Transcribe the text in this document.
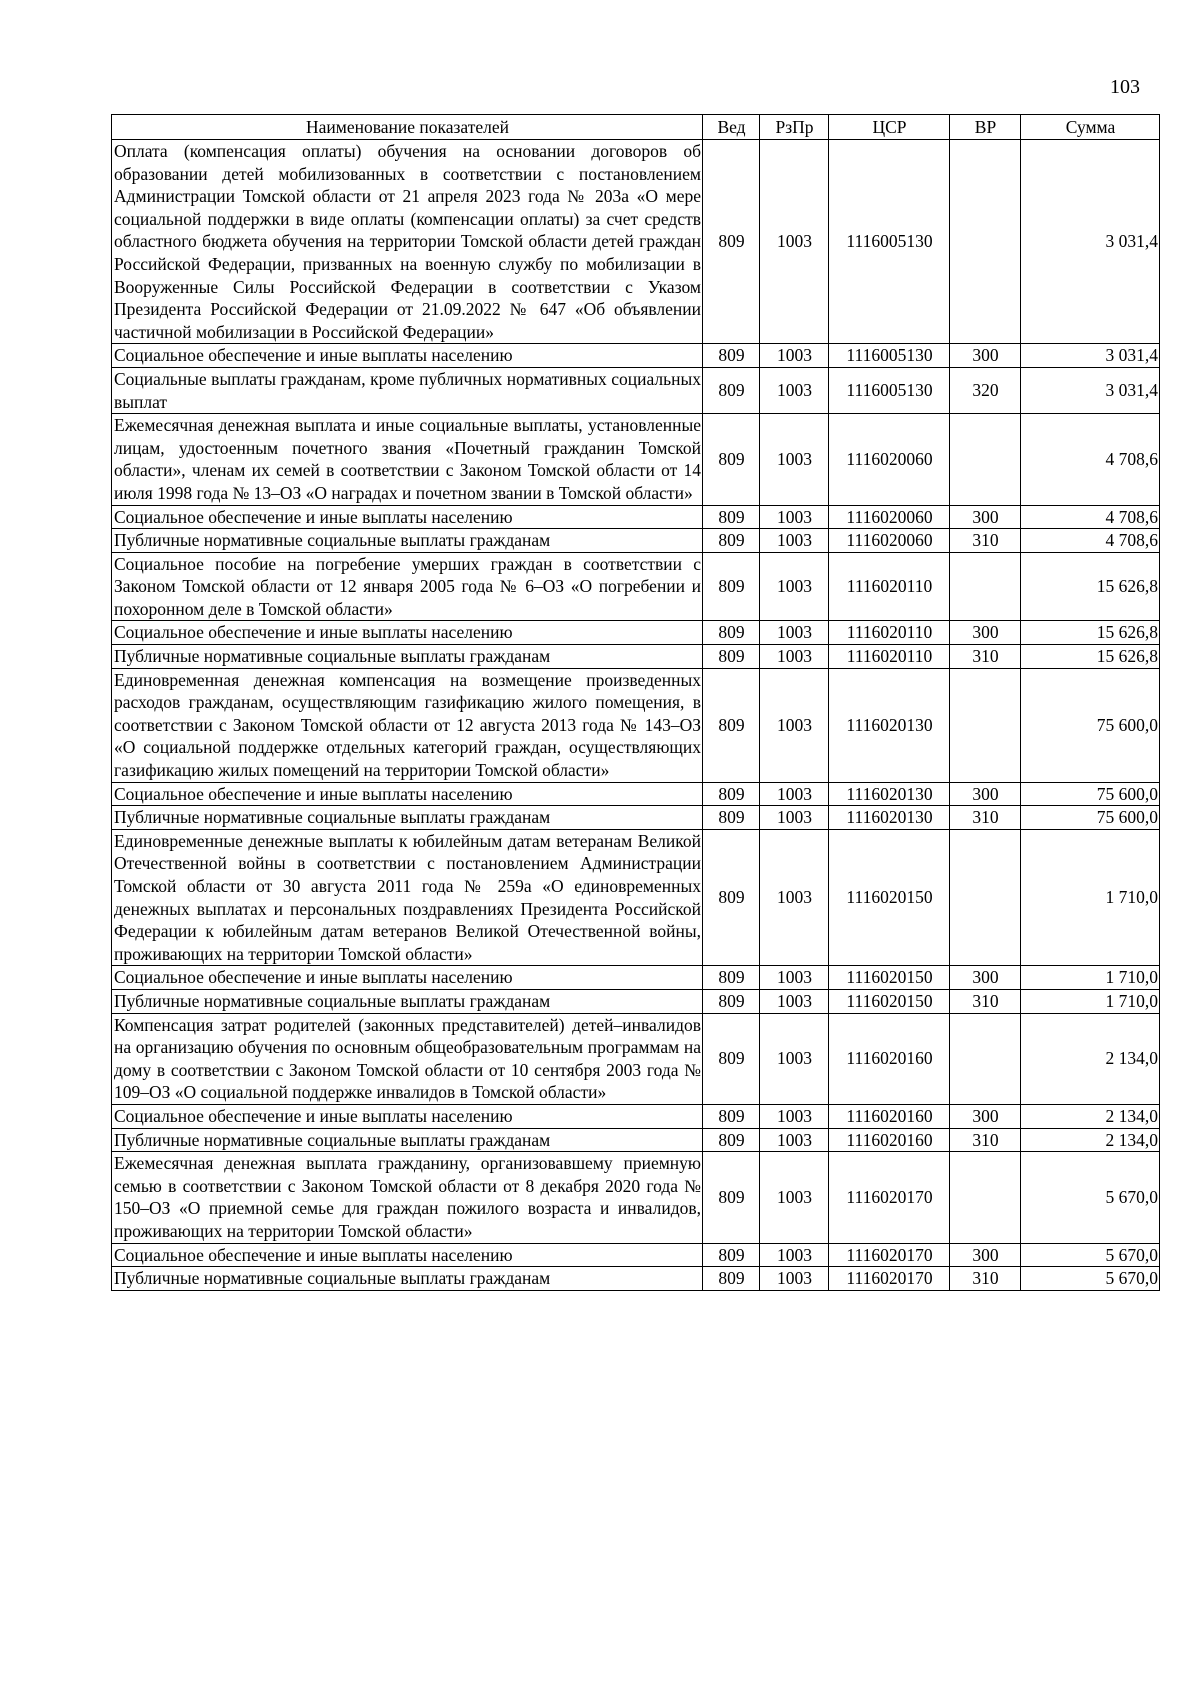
103
Наименование показателей	Вед	РзПр	ЦСР	ВР	Сумма
Оплата (компенсация оплаты) обучения на основании договоров об образовании детей мобилизованных в соответствии с постановлением Администрации Томской области от 21 апреля 2023 года № 203а «О мере социальной поддержки в виде оплаты (компенсации оплаты) за счет средств областного бюджета обучения на территории Томской области детей граждан Российской Федерации, призванных на военную службу по мобилизации в Вооруженные Силы Российской Федерации в соответствии с Указом Президента Российской Федерации от 21.09.2022 № 647 «Об объявлении частичной мобилизации в Российской Федерации»	809	1003	1116005130		3 031,4
Социальное обеспечение и иные выплаты населению	809	1003	1116005130	300	3 031,4
Социальные выплаты гражданам, кроме публичных нормативных социальных выплат	809	1003	1116005130	320	3 031,4
Ежемесячная денежная выплата и иные социальные выплаты, установленные лицам, удостоенным почетного звания «Почетный гражданин Томской области», членам их семей в соответствии с Законом Томской области от 14 июля 1998 года № 13–ОЗ «О наградах и почетном звании в Томской области»	809	1003	1116020060		4 708,6
Социальное обеспечение и иные выплаты населению	809	1003	1116020060	300	4 708,6
Публичные нормативные социальные выплаты гражданам	809	1003	1116020060	310	4 708,6
Социальное пособие на погребение умерших граждан в соответствии с Законом Томской области от 12 января 2005 года № 6–ОЗ «О погребении и похоронном деле в Томской области»	809	1003	1116020110		15 626,8
Социальное обеспечение и иные выплаты населению	809	1003	1116020110	300	15 626,8
Публичные нормативные социальные выплаты гражданам	809	1003	1116020110	310	15 626,8
Единовременная денежная компенсация на возмещение произведенных расходов гражданам, осуществляющим газификацию жилого помещения, в соответствии с Законом Томской области от 12 августа 2013 года № 143–ОЗ «О социальной поддержке отдельных категорий граждан, осуществляющих газификацию жилых помещений на территории Томской области»	809	1003	1116020130		75 600,0
Социальное обеспечение и иные выплаты населению	809	1003	1116020130	300	75 600,0
Публичные нормативные социальные выплаты гражданам	809	1003	1116020130	310	75 600,0
Единовременные денежные выплаты к юбилейным датам ветеранам Великой Отечественной войны в соответствии с постановлением Администрации Томской области от 30 августа 2011 года № 259а «О единовременных денежных выплатах и персональных поздравлениях Президента Российской Федерации к юбилейным датам ветеранов Великой Отечественной войны, проживающих на территории Томской области»	809	1003	1116020150		1 710,0
Социальное обеспечение и иные выплаты населению	809	1003	1116020150	300	1 710,0
Публичные нормативные социальные выплаты гражданам	809	1003	1116020150	310	1 710,0
Компенсация затрат родителей (законных представителей) детей–инвалидов на организацию обучения по основным общеобразовательным программам на дому в соответствии с Законом Томской области от 10 сентября 2003 года № 109–ОЗ «О социальной поддержке инвалидов в Томской области»	809	1003	1116020160		2 134,0
Социальное обеспечение и иные выплаты населению	809	1003	1116020160	300	2 134,0
Публичные нормативные социальные выплаты гражданам	809	1003	1116020160	310	2 134,0
Ежемесячная денежная выплата гражданину, организовавшему приемную семью в соответствии с Законом Томской области от 8 декабря 2020 года № 150–ОЗ «О приемной семье для граждан пожилого возраста и инвалидов, проживающих на территории Томской области»	809	1003	1116020170		5 670,0
Социальное обеспечение и иные выплаты населению	809	1003	1116020170	300	5 670,0
Публичные нормативные социальные выплаты гражданам	809	1003	1116020170	310	5 670,0
